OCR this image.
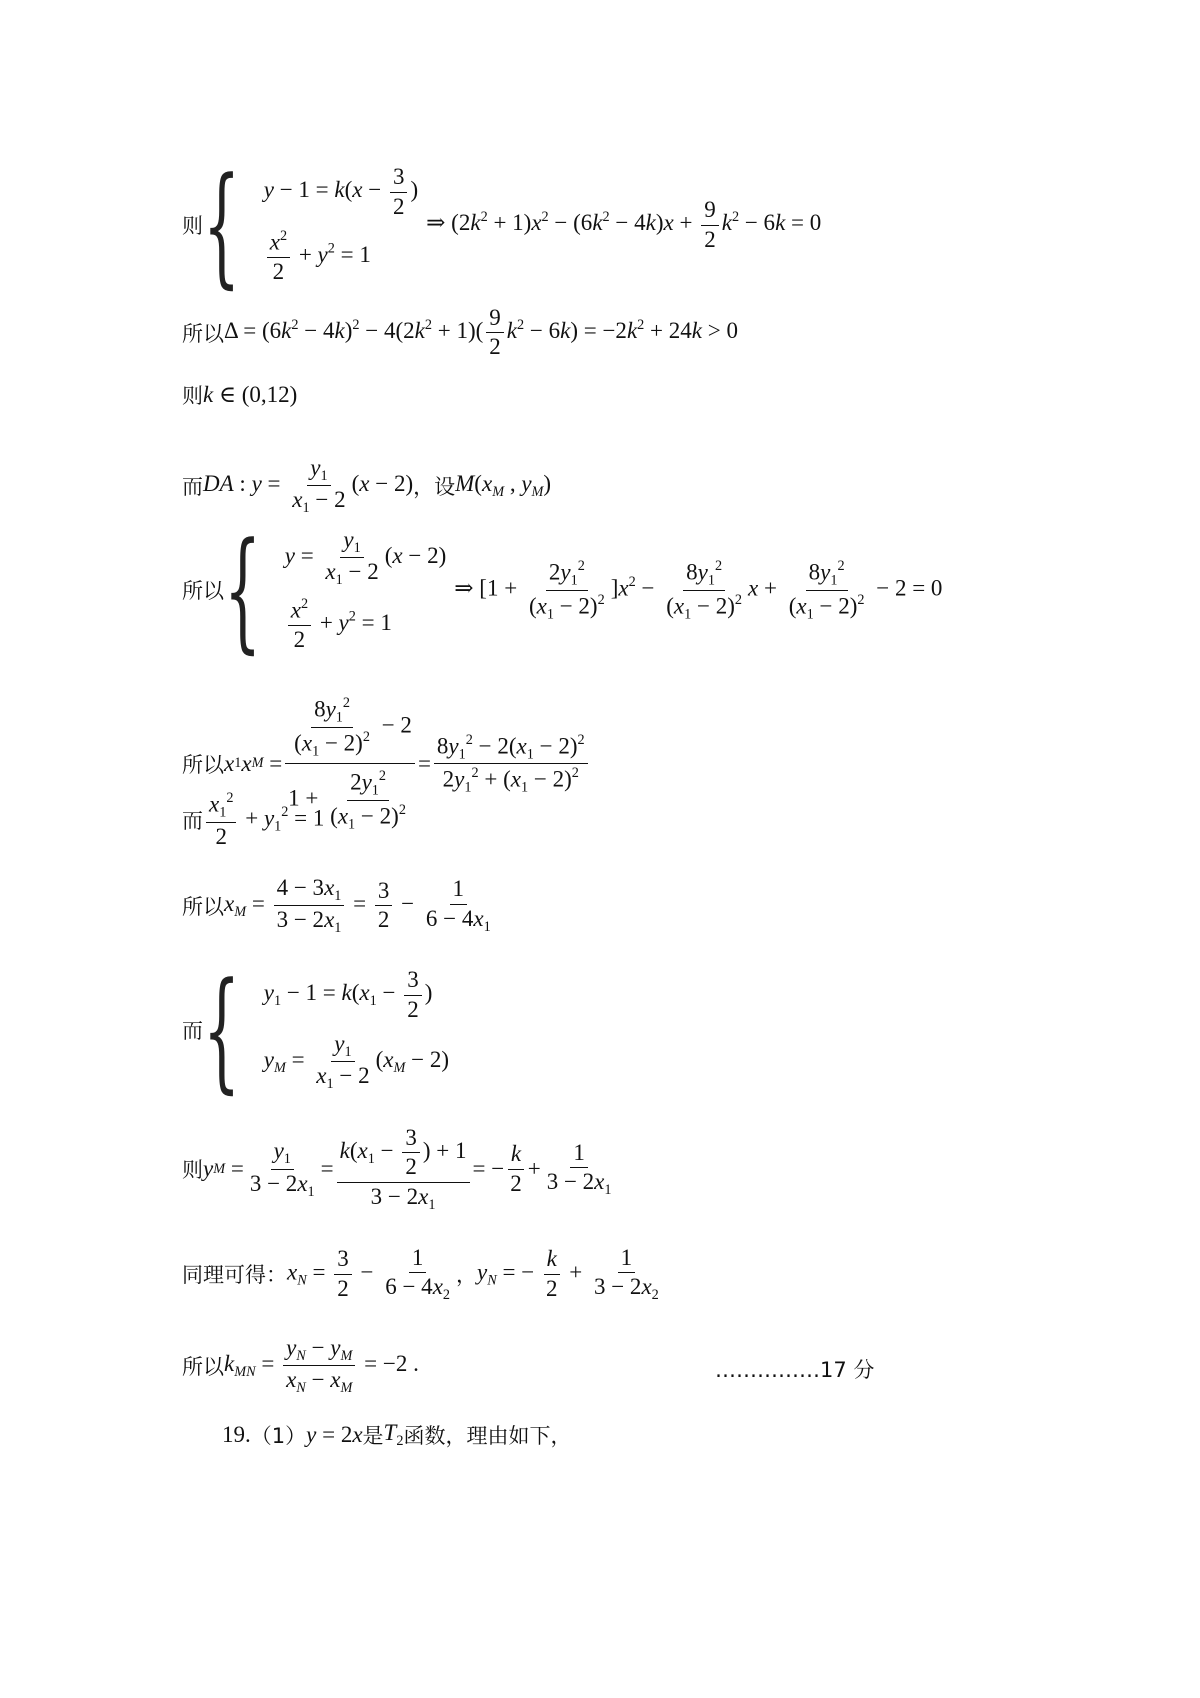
则 { $y - 1 = k(x - \frac{3}{2}$ )
$\frac{x^2}{2} + y^2 = 1$
⇒ $(2k^2 + 1)x^2 - (6k^2 - 4k)x + \frac{9}{2} k^2 - 6k = 0$
所以 $\Delta = (6k^2 - 4k)^2 - 4(2k^2 + 1)( \frac{9}{2} k^2 - 6k) = -2k^2 + 24k > 0$
则 k ∈ (0,12)
而 DA : $y = \frac{y_1}{x_1 - 2} (x - 2)$ ，设 $M(x_M$ , $y_M$)
所以 { $y = \frac{y_1}{x_1 - 2} (x - 2)$
$\frac{x^2}{2} + y^2 = 1$
⇒ $[1 + \frac{2y_1^2}{(x_1 - 2)^2} ]x^2 - \frac{8y_1^2}{(x_1 - 2)^2}$ $x + \frac{8y_1^2}{(x_1 - 2)^2} - 2 = 0$
所以 x 1 x $M = \frac{\frac{8y_1^2}{(x_1 - 2)^2} - 2}{1 + \frac{2y_1^2}{(x_1 - 2)^2}} = \frac{8y_1^2 - 2(x_1 - 2)^2}{2y_1^2 + (x_1 - 2)^2}$
而 $\frac{x_1^2}{2} + y_1^2 = 1$
所以 $x_M = \frac{4 - 3x_1}{3 - 2x_1} = \frac{3}{2} - \frac{1}{6 - 4x_1}$
而 { $y_1 - 1 = k(x_1 - \frac{3}{2}$ )
$y_M = \frac{y_1}{x_1 - 2} (x_M - 2)$
则 y $M = \frac{y_1}{3 - 2x_1} = \frac{k(x_1 - \frac{3}{2} ) + 1}{3 - 2x_1}$ = − $\frac{k}{2} + \frac{1}{3 - 2x_1}$
同理可得： $x_N = \frac{3}{2} - \frac{1}{6 - 4x_2}$ ， $y_N$ = − $\frac{k}{2} + \frac{1}{3 - 2x_2}$
所以 $k_{MN} = \frac{y_N - y_M}{x_N - x_M} = -2$ .	……………17 分
19. （1） y = 2x 是 $T_2$ 函数，理由如下，
